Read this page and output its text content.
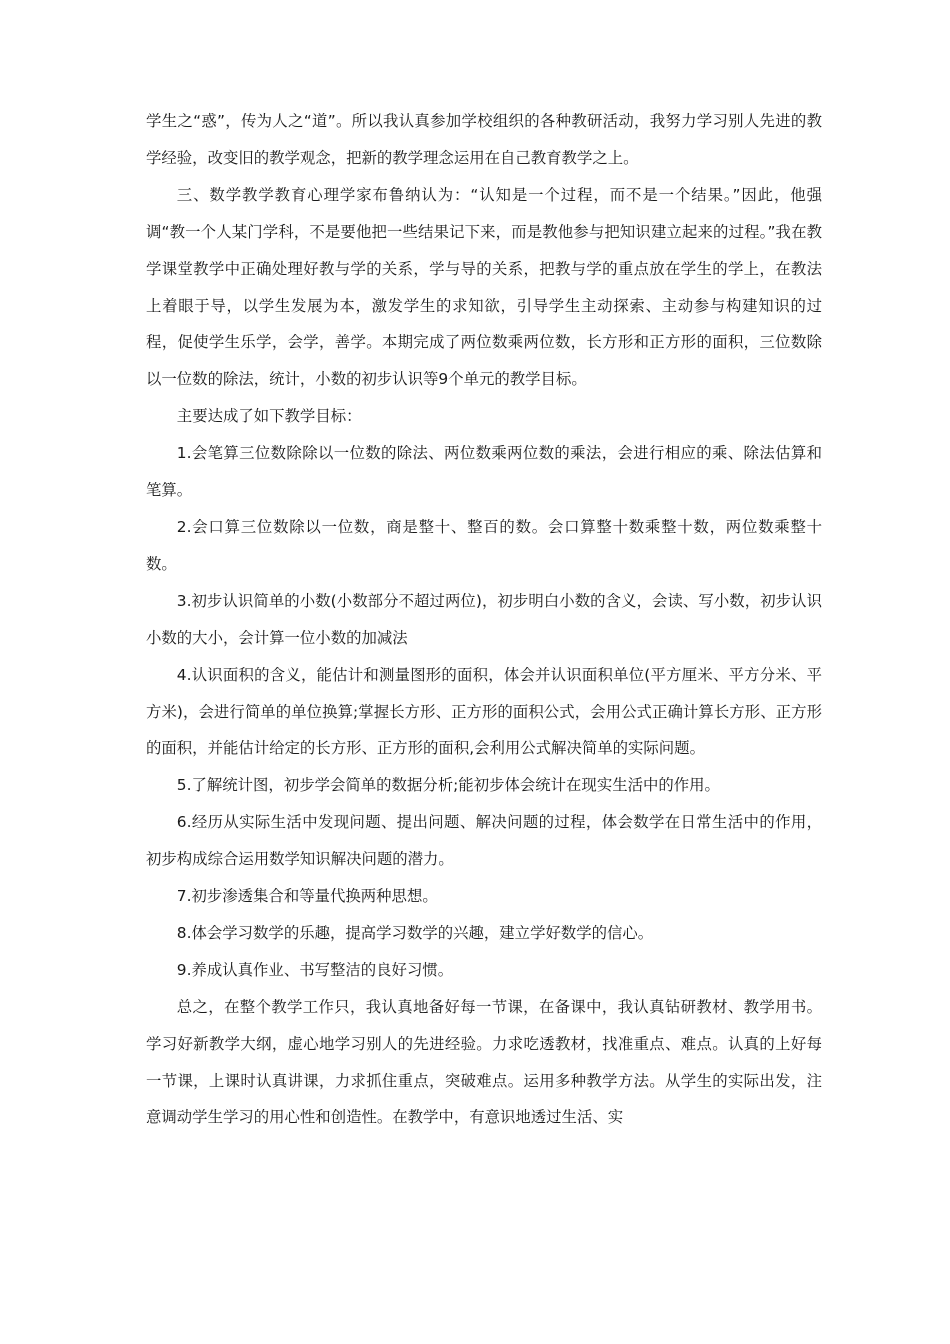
学生之“惑”，传为人之“道”。所以我认真参加学校组织的各种教研活动，我努力学习别人先进的教学经验，改变旧的教学观念，把新的教学理念运用在自己教育教学之上。

三、数学教学教育心理学家布鲁纳认为：“认知是一个过程，而不是一个结果。”因此，他强调“教一个人某门学科，不是要他把一些结果记下来，而是教他参与把知识建立起来的过程。”我在教学课堂教学中正确处理好教与学的关系，学与导的关系，把教与学的重点放在学生的学上，在教法上着眼于导，以学生发展为本，激发学生的求知欲，引导学生主动探索、主动参与构建知识的过程，促使学生乐学，会学，善学。本期完成了两位数乘两位数，长方形和正方形的面积，三位数除以一位数的除法，统计，小数的初步认识等9个单元的教学目标。

主要达成了如下教学目标：

1.会笔算三位数除除以一位数的除法、两位数乘两位数的乘法，会进行相应的乘、除法估算和笔算。

2.会口算三位数除以一位数，商是整十、整百的数。会口算整十数乘整十数，两位数乘整十数。

3.初步认识简单的小数(小数部分不超过两位)，初步明白小数的含义，会读、写小数，初步认识小数的大小，会计算一位小数的加减法

4.认识面积的含义，能估计和测量图形的面积，体会并认识面积单位(平方厘米、平方分米、平方米)，会进行简单的单位换算;掌握长方形、正方形的面积公式，会用公式正确计算长方形、正方形的面积，并能估计给定的长方形、正方形的面积,会利用公式解决简单的实际问题。

5.了解统计图，初步学会简单的数据分析;能初步体会统计在现实生活中的作用。

6.经历从实际生活中发现问题、提出问题、解决问题的过程，体会数学在日常生活中的作用，初步构成综合运用数学知识解决问题的潜力。

7.初步渗透集合和等量代换两种思想。

8.体会学习数学的乐趣，提高学习数学的兴趣，建立学好数学的信心。

9.养成认真作业、书写整洁的良好习惯。

总之，在整个教学工作只，我认真地备好每一节课，在备课中，我认真钻研教材、教学用书。学习好新教学大纲，虚心地学习别人的先进经验。力求吃透教材，找准重点、难点。认真的上好每一节课，上课时认真讲课，力求抓住重点，突破难点。运用多种教学方法。从学生的实际出发，注意调动学生学习的用心性和创造性。在教学中，有意识地透过生活、实
